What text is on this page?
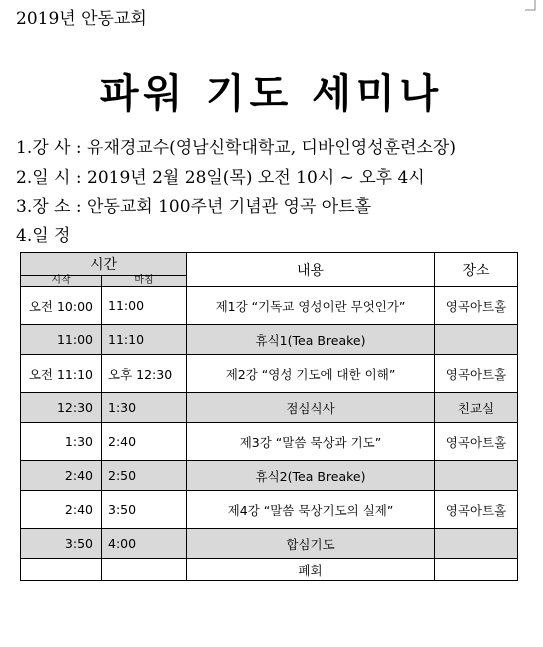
2019년 안동교회
파워 기도 세미나
1.강 사 : 유재경교수(영남신학대학교, 디바인영성훈련소장)
2.일 시 : 2019년 2월 28일(목) 오전 10시 ~ 오후 4시
3.장 소 : 안동교회 100주년 기념관 영곡 아트홀
4.일 정
시간		내용	장소
시작	마침		
오전 10:00	11:00	제1강 “기독교 영성이란 무엇인가”	영곡아트홀
11:00	11:10	휴식1(Tea Breake)	
오전 11:10	오후 12:30	제2강 “영성 기도에 대한 이해”	영곡아트홀
12:30	1:30	점심식사	친교실
1:30	2:40	제3강 “말씀 묵상과 기도”	영곡아트홀
2:40	2:50	휴식2(Tea Breake)	
2:40	3:50	제4강 “말씀 묵상기도의 실제”	영곡아트홀
3:50	4:00	합심기도	
		폐회	
